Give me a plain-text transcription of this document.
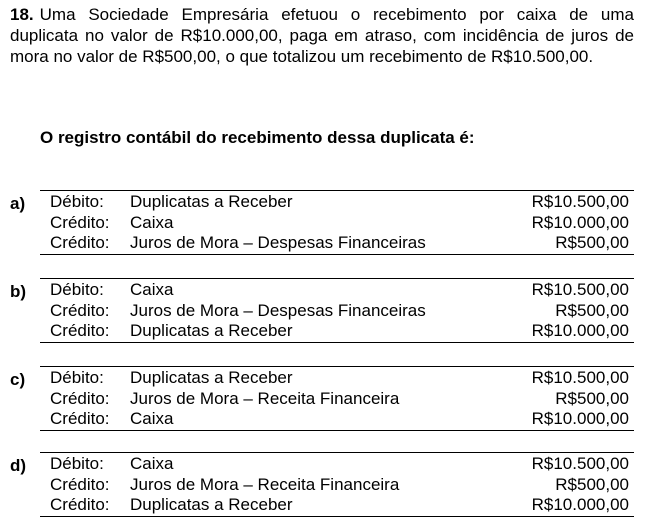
18. Uma Sociedade Empresária efetuou o recebimento por caixa de uma duplicata no valor de R$10.000,00, paga em atraso, com incidência de juros de mora no valor de R$500,00, o que totalizou um recebimento de R$10.500,00.
O registro contábil do recebimento dessa duplicata é:
a) Débito: Duplicatas a Receber	R$10.500,00
Crédito: Caixa	R$10.000,00
Crédito: Juros de Mora – Despesas Financeiras	R$500,00
b) Débito: Caixa	R$10.500,00
Crédito: Juros de Mora – Despesas Financeiras	R$500,00
Crédito: Duplicatas a Receber	R$10.000,00
c) Débito: Duplicatas a Receber	R$10.500,00
Crédito: Juros de Mora – Receita Financeira	R$500,00
Crédito: Caixa	R$10.000,00
d) Débito: Caixa	R$10.500,00
Crédito: Juros de Mora – Receita Financeira	R$500,00
Crédito: Duplicatas a Receber	R$10.000,00
